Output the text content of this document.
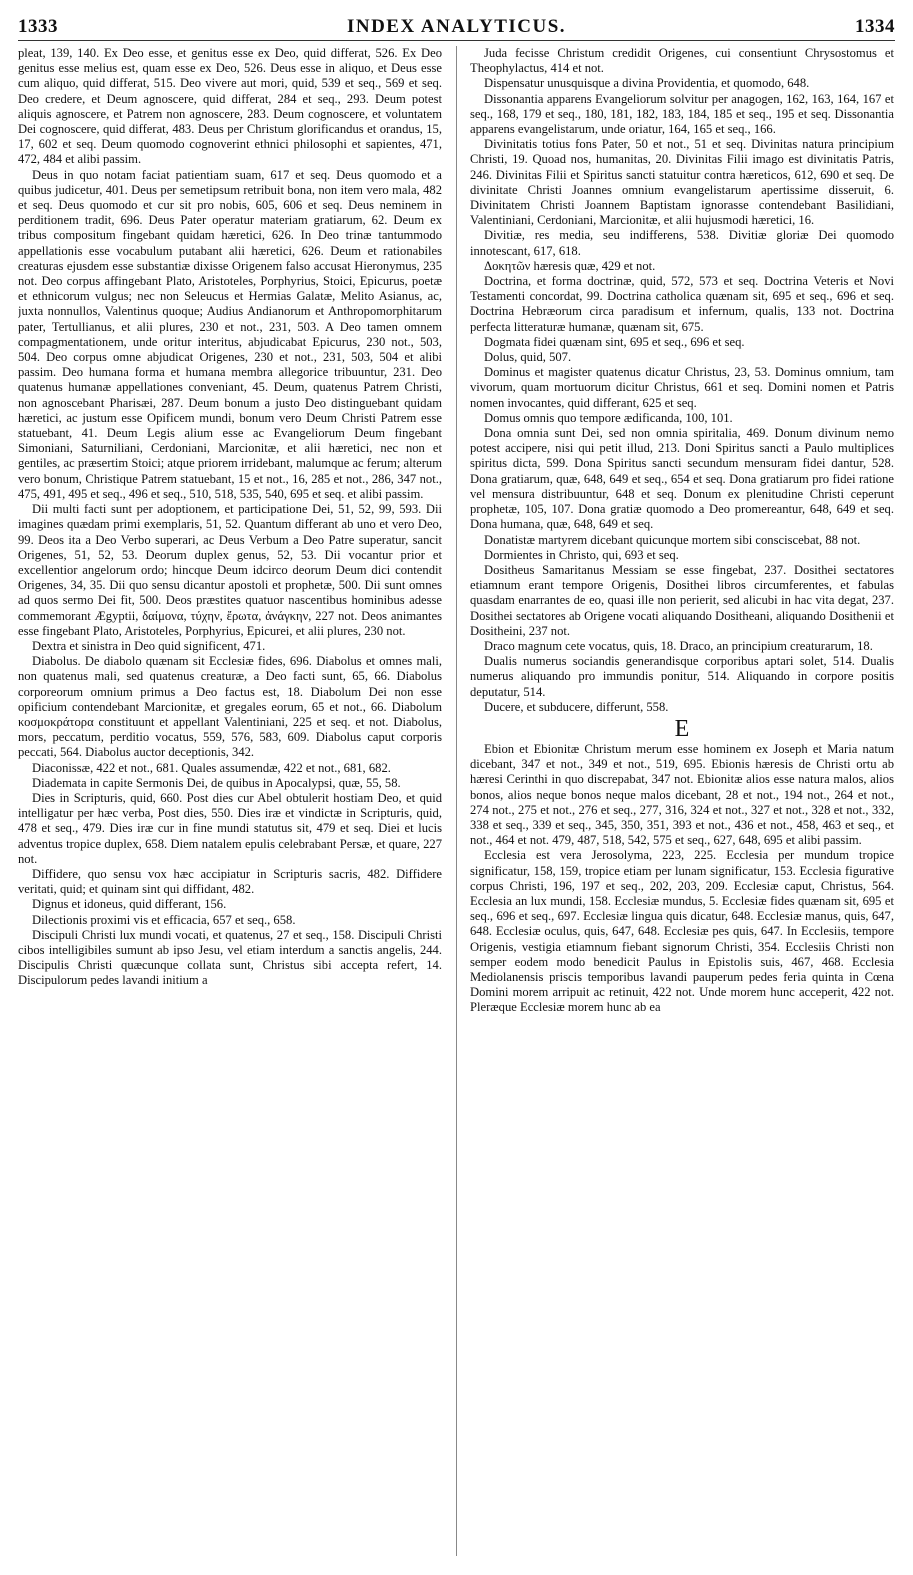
1333	INDEX ANALYTICUS.	1334

pleat, 139, 140. Ex Deo esse, et genitus esse ex Deo, quid differat, 526. Ex Deo genitus esse melius est, quam esse ex Deo, 526. Deus esse in aliquo, et Deus esse cum aliquo, quid differat, 515. Deo vivere aut mori, quid, 539 et seq., 569 et seq. Deo credere, et Deum agnoscere, quid differat, 284 et seq., 293. Deum potest aliquis agnoscere, et Patrem non agnoscere, 283. Deum cognoscere, et voluntatem Dei cognoscere, quid differat, 483. Deus per Christum glorificandus et orandus, 15, 17, 602 et seq. Deum quomodo cognoverint ethnici philosophi et sapientes, 471, 472, 484 et alibi passim.

Deus in quo notam faciat patientiam suam, 617 et seq. Deus quomodo et a quibus judicetur, 401. Deus per semetipsum retribuit bona, non item vero mala, 482 et seq. Deus quomodo et cur sit pro nobis, 605, 606 et seq. Deus neminem in perditionem tradit, 696. Deus Pater operatur materiam gratiarum, 62. Deum ex tribus compositum fingebant quidam hæretici, 626. In Deo trinæ tantummodo appellationis esse vocabulum putabant alii hæretici, 626. Deum et rationabiles creaturas ejusdem esse substantiæ dixisse Origenem falso accusat Hieronymus, 235 not. Deo corpus affingebant Plato, Aristoteles, Porphyrius, Stoici, Epicurus, poetæ et ethnicorum vulgus; nec non Seleucus et Hermias Galatæ, Melito Asianus, ac, juxta nonnullos, Valentinus quoque; Audius Andianorum et Anthropomorphitarum pater, Tertullianus, et alii plures, 230 et not., 231, 503. A Deo tamen omnem compagmentationem, unde oritur interitus, abjudicabat Epicurus, 230 not., 503, 504. Deo corpus omne abjudicat Origenes, 230 et not., 231, 503, 504 et alibi passim. Deo humana forma et humana membra allegorice tribuuntur, 231. Deo quatenus humanæ appellationes conveniant, 45. Deum, quatenus Patrem Christi, non agnoscebant Pharisæi, 287. Deum bonum a justo Deo distinguebant quidam hæretici, ac justum esse Opificem mundi, bonum vero Deum Christi Patrem esse statuebant, 41. Deum Legis alium esse ac Evangeliorum Deum fingebant Simoniani, Saturniliani, Cerdoniani, Marcionitæ, et alii hæretici, nec non et gentiles, ac præsertim Stoici; atque priorem irridebant, malumque ac ferum; alterum vero bonum, Christique Patrem statuebant, 15 et not., 16, 285 et not., 286, 347 not., 475, 491, 495 et seq., 496 et seq., 510, 518, 535, 540, 695 et seq. et alibi passim.

Dii multi facti sunt per adoptionem, et participatione Dei, 51, 52, 99, 593. Dii imagines quædam primi exemplaris, 51, 52. Quantum differant ab uno et vero Deo, 99. Deos ita a Deo Verbo superari, ac Deus Verbum a Deo Patre superatur, sancit Origenes, 51, 52, 53. Deorum duplex genus, 52, 53. Dii vocantur prior et excellentior angelorum ordo; hincque Deum idcirco deorum Deum dici contendit Origenes, 34, 35. Dii quo sensu dicantur apostoli et prophetæ, 500. Dii sunt omnes ad quos sermo Dei fit, 500. Deos præstites quatuor nascentibus hominibus adesse commemorant Ægyptii, δαίμονα, τύχην, ἔρωτα, ἀνάγκην, 227 not. Deos animantes esse fingebant Plato, Aristoteles, Porphyrius, Epicurei, et alii plures, 230 not.

Dextra et sinistra in Deo quid significent, 471.

Diabolus. De diabolo quænam sit Ecclesiæ fides, 696. Diabolus et omnes mali, non quatenus mali, sed quatenus creaturæ, a Deo facti sunt, 65, 66. Diabolus corporeorum omnium primus a Deo factus est, 18. Diabolum Dei non esse opificium contendebant Marcionitæ, et gregales eorum, 65 et not., 66. Diabolum κοσμοκράτορα constituunt et appellant Valentiniani, 225 et seq. et not. Diabolus, mors, peccatum, perditio vocatus, 559, 576, 583, 609. Diabolus caput corporis peccati, 564. Diabolus auctor deceptionis, 342.

Diaconissæ, 422 et not., 681. Quales assumendæ, 422 et not., 681, 682.

Diademata in capite Sermonis Dei, de quibus in Apocalypsi, quæ, 55, 58.

Dies in Scripturis, quid, 660. Post dies cur Abel obtulerit hostiam Deo, et quid intelligatur per hæc verba, Post dies, 550. Dies iræ et vindictæ in Scripturis, quid, 478 et seq., 479. Dies iræ cur in fine mundi statutus sit, 479 et seq. Diei et lucis adventus tropice duplex, 658. Diem natalem epulis celebrabant Persæ, et quare, 227 not.

Diffidere, quo sensu vox hæc accipiatur in Scripturis sacris, 482. Diffidere veritati, quid; et quinam sint qui diffidant, 482.

Dignus et idoneus, quid differant, 156.

Dilectionis proximi vis et efficacia, 657 et seq., 658.

Discipuli Christi lux mundi vocati, et quatenus, 27 et seq., 158. Discipuli Christi cibos intelligibiles sumunt ab ipso Jesu, vel etiam interdum a sanctis angelis, 244. Discipulis Christi quæcunque collata sunt, Christus sibi accepta refert, 14. Discipulorum pedes lavandi initium a

Juda fecisse Christum credidit Origenes, cui consentiunt Chrysostomus et Theophylactus, 414 et not.

Dispensatur unusquisque a divina Providentia, et quomodo, 648.

Dissonantia apparens Evangeliorum solvitur per anagogen, 162, 163, 164, 167 et seq., 168, 179 et seq., 180, 181, 182, 183, 184, 185 et seq., 195 et seq. Dissonantia apparens evangelistarum, unde oriatur, 164, 165 et seq., 166.

Divinitatis totius fons Pater, 50 et not., 51 et seq. Divinitas natura principium Christi, 19. Quoad nos, humanitas, 20. Divinitas Filii imago est divinitatis Patris, 246. Divinitas Filii et Spiritus sancti statuitur contra hæreticos, 612, 690 et seq. De divinitate Christi Joannes omnium evangelistarum apertissime disseruit, 6. Divinitatem Christi Joannem Baptistam ignorasse contendebant Basilidiani, Valentiniani, Cerdoniani, Marcionitæ, et alii hujusmodi hæretici, 16.

Divitiæ, res media, seu indifferens, 538. Divitiæ gloriæ Dei quomodo innotescant, 617, 618.

Δοκητῶν hæresis quæ, 429 et not.

Doctrina, et forma doctrinæ, quid, 572, 573 et seq. Doctrina Veteris et Novi Testamenti concordat, 99. Doctrina catholica quænam sit, 695 et seq., 696 et seq. Doctrina Hebræorum circa paradisum et infernum, qualis, 133 not. Doctrina perfecta litteraturæ humanæ, quænam sit, 675.

Dogmata fidei quænam sint, 695 et seq., 696 et seq.

Dolus, quid, 507.

Dominus et magister quatenus dicatur Christus, 23, 53. Dominus omnium, tam vivorum, quam mortuorum dicitur Christus, 661 et seq. Domini nomen et Patris nomen invocantes, quid differant, 625 et seq.

Domus omnis quo tempore ædificanda, 100, 101.

Dona omnia sunt Dei, sed non omnia spiritalia, 469. Donum divinum nemo potest accipere, nisi qui petit illud, 213. Doni Spiritus sancti a Paulo multiplices spiritus dicta, 599. Dona Spiritus sancti secundum mensuram fidei dantur, 528. Dona gratiarum, quæ, 648, 649 et seq., 654 et seq. Dona gratiarum pro fidei ratione vel mensura distribuuntur, 648 et seq. Donum ex plenitudine Christi ceperunt prophetæ, 105, 107. Dona gratiæ quomodo a Deo promereantur, 648, 649 et seq. Dona humana, quæ, 648, 649 et seq.

Donatistæ martyrem dicebant quicunque mortem sibi consciscebat, 88 not.

Dormientes in Christo, qui, 693 et seq.

Dositheus Samaritanus Messiam se esse fingebat, 237. Dosithei sectatores etiamnum erant tempore Origenis, Dosithei libros circumferentes, et fabulas quasdam enarrantes de eo, quasi ille non perierit, sed alicubi in hac vita degat, 237. Dosithei sectatores ab Origene vocati aliquando Dositheani, aliquando Dosithenii et Dositheini, 237 not.

Draco magnum cete vocatus, quis, 18. Draco, an principium creaturarum, 18.

Dualis numerus sociandis generandisque corporibus aptari solet, 514. Dualis numerus aliquando pro immundis ponitur, 514. Aliquando in corpore positis deputatur, 514.

Ducere, et subducere, differunt, 558.

E

Ebion et Ebionitæ Christum merum esse hominem ex Joseph et Maria natum dicebant, 347 et not., 349 et not., 519, 695. Ebionis hæresis de Christi ortu ab hæresi Cerinthi in quo discrepabat, 347 not. Ebionitæ alios esse natura malos, alios bonos, alios neque bonos neque malos dicebant, 28 et not., 194 not., 264 et not., 274 not., 275 et not., 276 et seq., 277, 316, 324 et not., 327 et not., 328 et not., 332, 338 et seq., 339 et seq., 345, 350, 351, 393 et not., 436 et not., 458, 463 et seq., et not., 464 et not. 479, 487, 518, 542, 575 et seq., 627, 648, 695 et alibi passim.

Ecclesia est vera Jerosolyma, 223, 225. Ecclesia per mundum tropice significatur, 158, 159, tropice etiam per lunam significatur, 153. Ecclesia figurative corpus Christi, 196, 197 et seq., 202, 203, 209. Ecclesiæ caput, Christus, 564. Ecclesia an lux mundi, 158. Ecclesiæ mundus, 5. Ecclesiæ fides quænam sit, 695 et seq., 696 et seq., 697. Ecclesiæ lingua quis dicatur, 648. Ecclesiæ manus, quis, 647, 648. Ecclesiæ oculus, quis, 647, 648. Ecclesiæ pes quis, 647. In Ecclesiis, tempore Origenis, vestigia etiamnum fiebant signorum Christi, 354. Ecclesiis Christi non semper eodem modo benedicit Paulus in Epistolis suis, 467, 468. Ecclesia Mediolanensis priscis temporibus lavandi pauperum pedes feria quinta in Cœna Domini morem arripuit ac retinuit, 422 not. Unde morem hunc acceperit, 422 not. Pleræque Ecclesiæ morem hunc ab ea
